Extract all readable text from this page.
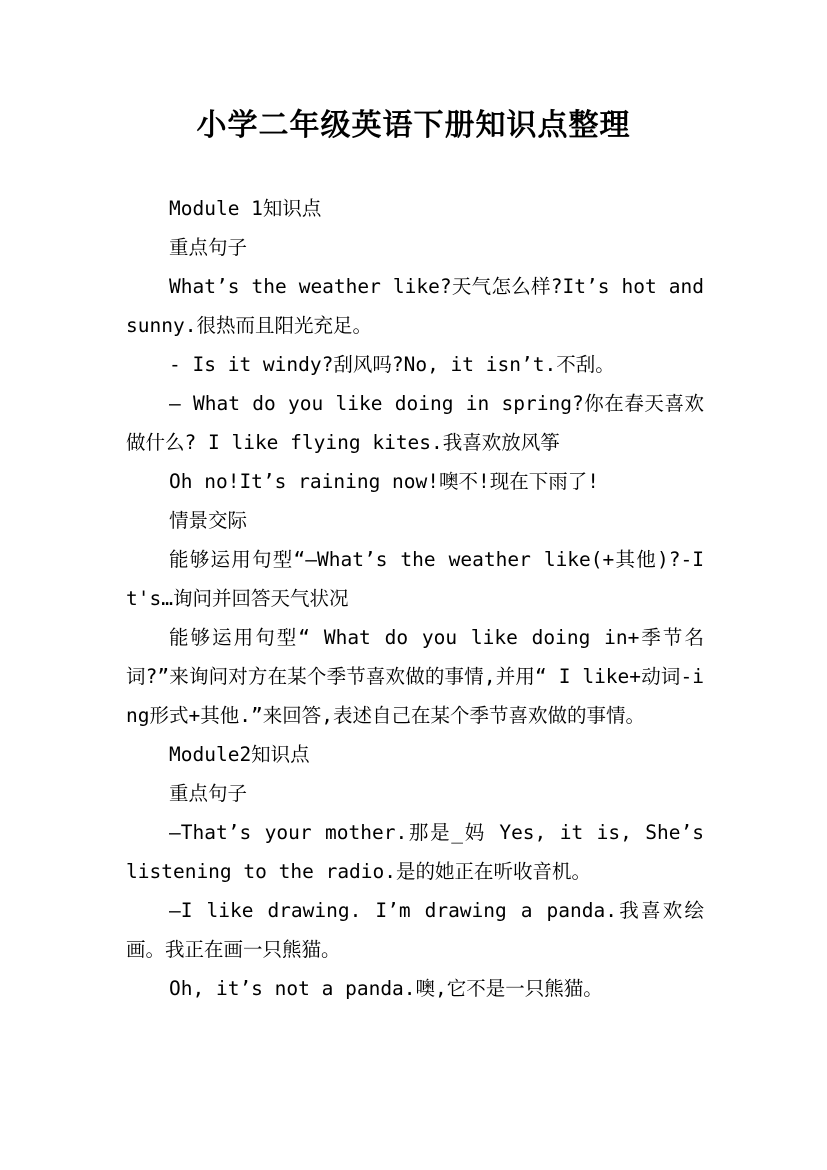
小学二年级英语下册知识点整理

Module 1知识点

重点句子

What’s the weather like?天气怎么样?It’s hot and sunny.很热而且阳光充足。

- Is it windy?刮风吗?No, it isn’t.不刮。

— What do you like doing in spring?你在春天喜欢做什么? I like flying kites.我喜欢放风筝

Oh no!It’s raining now!噢不!现在下雨了!

情景交际

能够运用句型“—What’s the weather like(+其他)?-It's…询问并回答天气状况

能够运用句型“ What do you like doing in+季节名词?”来询问对方在某个季节喜欢做的事情,并用“ I like+动词-ing形式+其他.”来回答,表述自己在某个季节喜欢做的事情。

Module2知识点

重点句子

—That’s your mother.那是_妈 Yes, it is, She’s listening to the radio.是的她正在听收音机。

—I like drawing. I’m drawing a panda.我喜欢绘画。我正在画一只熊猫。

Oh, it’s not a panda.噢,它不是一只熊猫。
